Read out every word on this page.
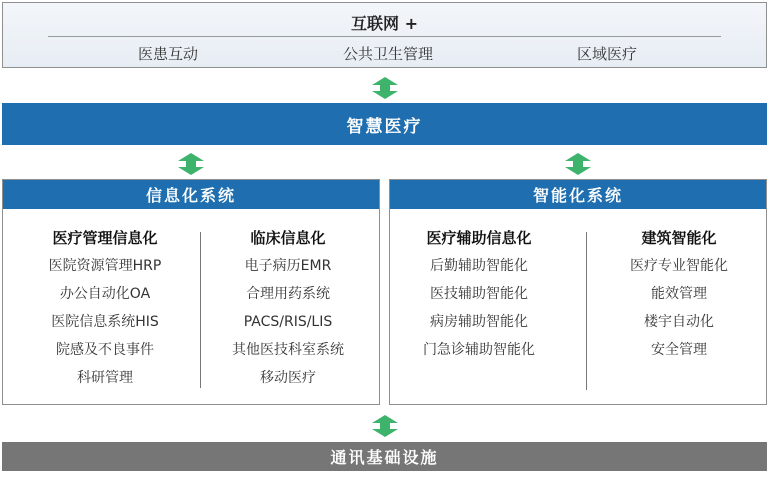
互联网 +
医患互动	公共卫生管理	区域医疗
智慧医疗
信息化系统
医疗管理信息化
医院资源管理HRP
办公自动化OA
医院信息系统HIS
院感及不良事件
科研管理
临床信息化
电子病历EMR
合理用药系统
PACS/RIS/LIS
其他医技科室系统
移动医疗
智能化系统
医疗辅助信息化
后勤辅助智能化
医技辅助智能化
病房辅助智能化
门急诊辅助智能化
建筑智能化
医疗专业智能化
能效管理
楼宇自动化
安全管理
通讯基础设施
